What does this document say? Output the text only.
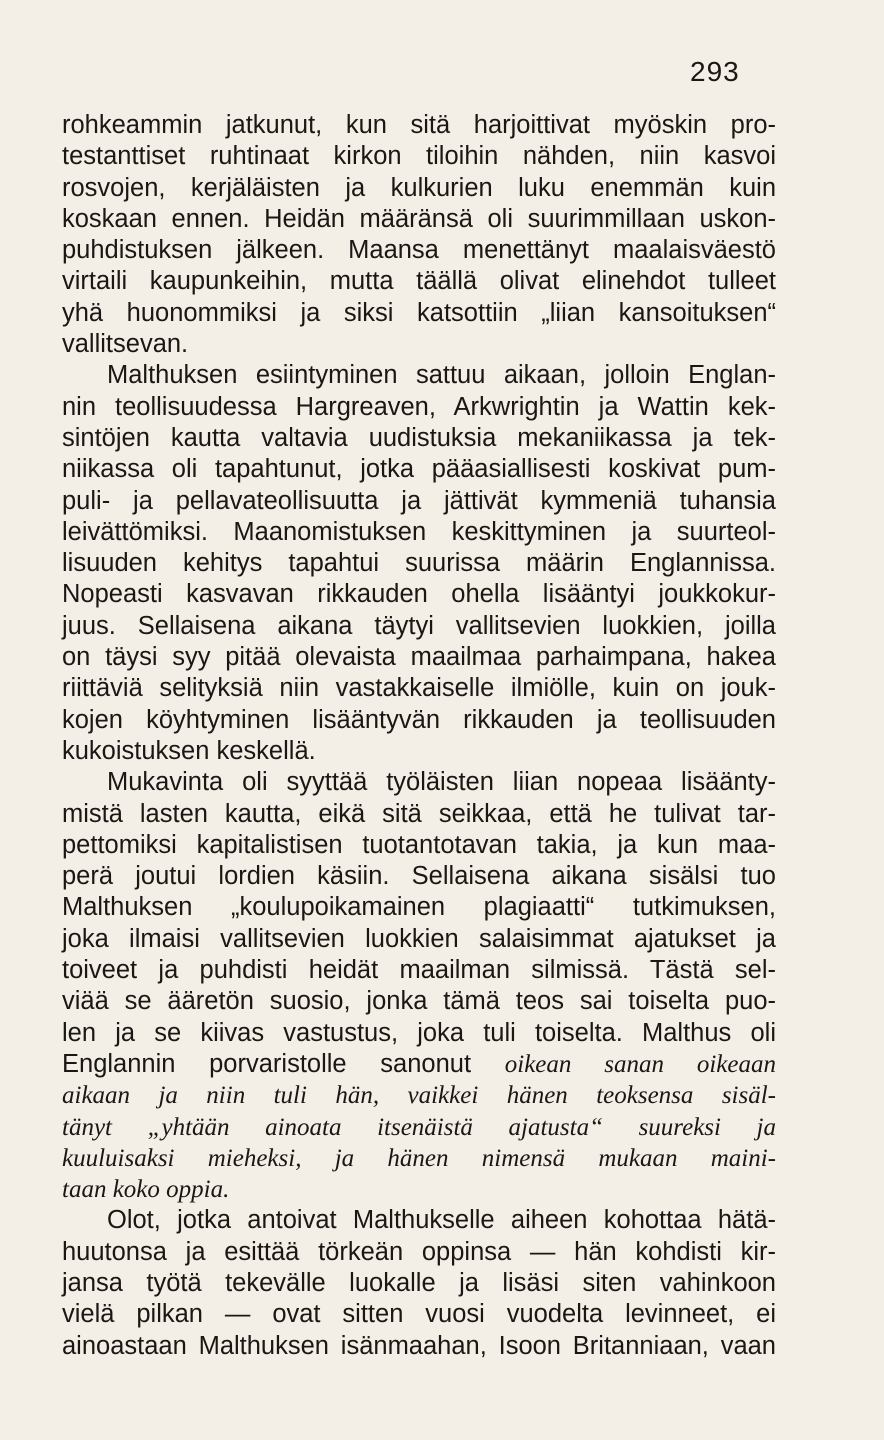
293
rohkeammin jatkunut, kun sitä harjoittivat myöskin pro-
testanttiset ruhtinaat kirkon tiloihin nähden, niin kasvoi
rosvojen, kerjäläisten ja kulkurien luku enemmän kuin
koskaan ennen. Heidän määränsä oli suurimmillaan uskon-
puhdistuksen jälkeen. Maansa menettänyt maalaisväestö
virtaili kaupunkeihin, mutta täällä olivat elinehdot tulleet
yhä huonommiksi ja siksi katsottiin „liian kansoituksen“
vallitsevan.
Malthuksen esiintyminen sattuu aikaan, jolloin Englan-
nin teollisuudessa Hargreaven, Arkwrightin ja Wattin kek-
sintöjen kautta valtavia uudistuksia mekaniikassa ja tek-
niikassa oli tapahtunut, jotka pääasiallisesti koskivat pum-
puli- ja pellavateollisuutta ja jättivät kymmeniä tuhansia
leivättömiksi. Maanomistuksen keskittyminen ja suurteol-
lisuuden kehitys tapahtui suurissa määrin Englannissa.
Nopeasti kasvavan rikkauden ohella lisääntyi joukkokur-
juus. Sellaisena aikana täytyi vallitsevien luokkien, joilla
on täysi syy pitää olevaista maailmaa parhaimpana, hakea
riittäviä selityksiä niin vastakkaiselle ilmiölle, kuin on jouk-
kojen köyhtyminen lisääntyvän rikkauden ja teollisuuden
kukoistuksen keskellä.
Mukavinta oli syyttää työläisten liian nopeaa lisäänty-
mistä lasten kautta, eikä sitä seikkaa, että he tulivat tar-
pettomiksi kapitalistisen tuotantotavan takia, ja kun maa-
perä joutui lordien käsiin. Sellaisena aikana sisälsi tuo
Malthuksen „koulupoikamainen plagiaatti“ tutkimuksen,
joka ilmaisi vallitsevien luokkien salaisimmat ajatukset ja
toiveet ja puhdisti heidät maailman silmissä. Tästä sel-
viää se ääretön suosio, jonka tämä teos sai toiselta puo-
len ja se kiivas vastustus, joka tuli toiselta. Malthus oli
Englannin porvaristolle sanonut oikean sanan oikeaan
aikaan ja niin tuli hän, vaikkei hänen teoksensa sisäl-
tänyt „yhtään ainoata itsenäistä ajatusta“ suureksi ja
kuuluisaksi mieheksi, ja hänen nimensä mukaan maini-
taan koko oppia.
Olot, jotka antoivat Malthukselle aiheen kohottaa hätä-
huutonsa ja esittää törkeän oppinsa — hän kohdisti kir-
jansa työtä tekevälle luokalle ja lisäsi siten vahinkoon
vielä pilkan — ovat sitten vuosi vuodelta levinneet, ei
ainoastaan Malthuksen isänmaahan, Isoon Britanniaan, vaan
